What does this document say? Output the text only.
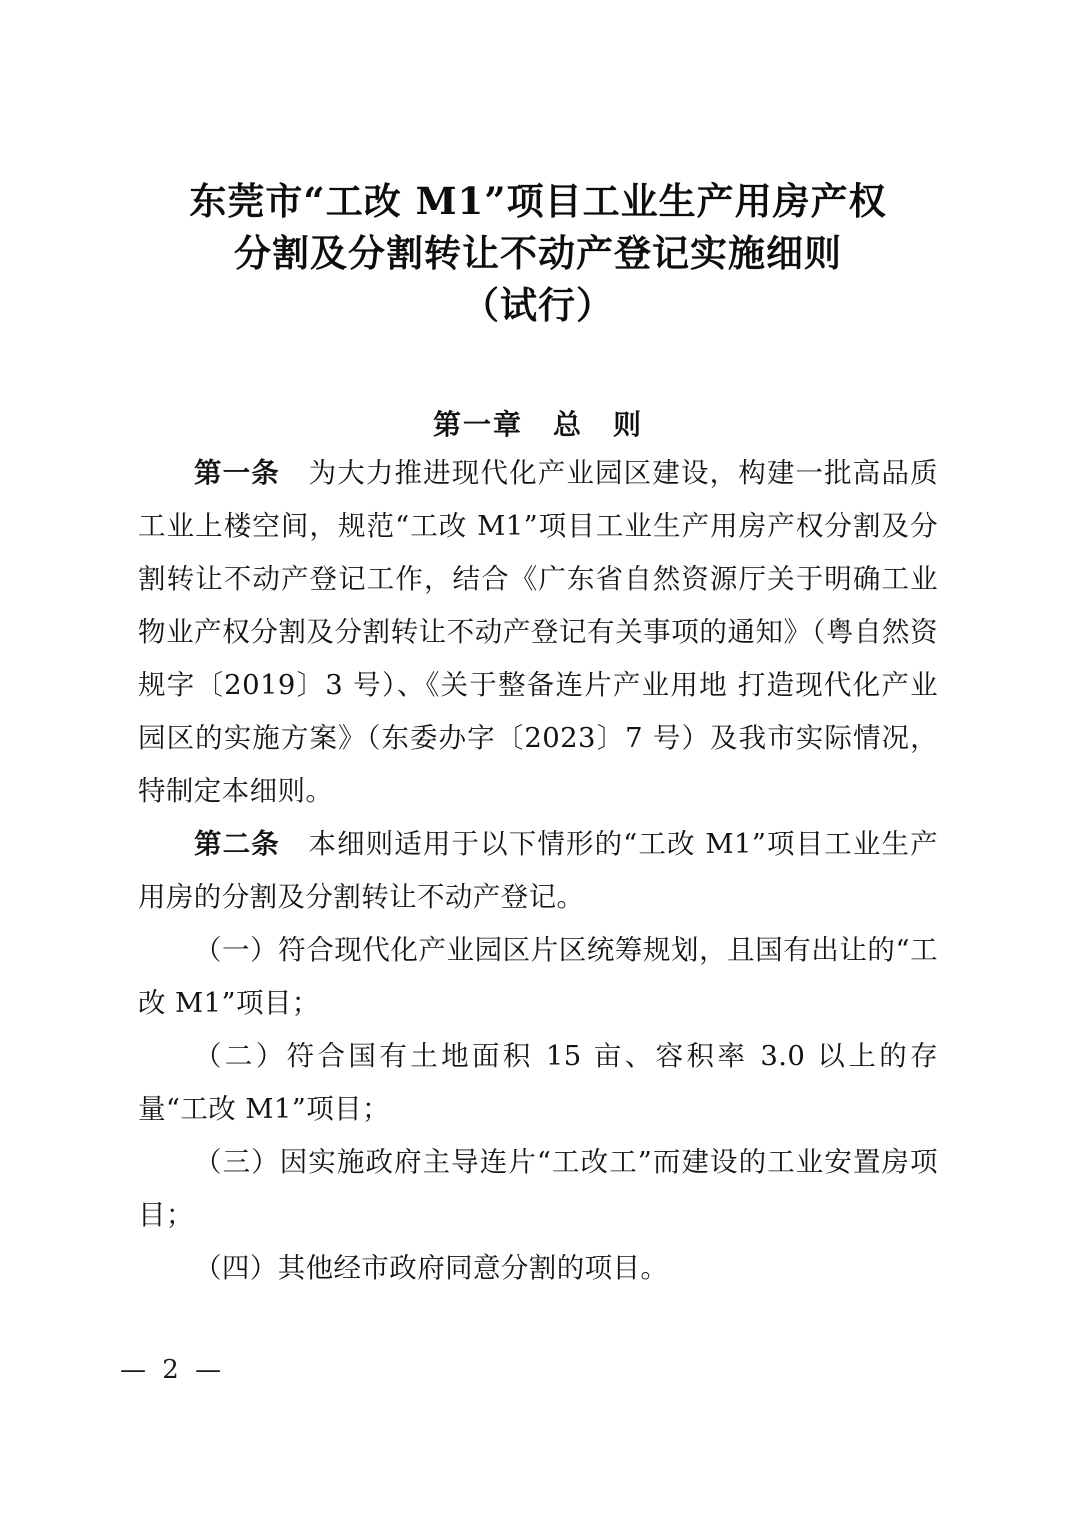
东莞市“工改 M1”项目工业生产用房产权
分割及分割转让不动产登记实施细则
（试行）
第一章　总　则

第一条　为大力推进现代化产业园区建设，构建一批高品质工业上楼空间，规范“工改 M1”项目工业生产用房产权分割及分割转让不动产登记工作，结合《广东省自然资源厅关于明确工业物业产权分割及分割转让不动产登记有关事项的通知》（粤自然资规字〔2019〕3 号）、《关于整备连片产业用地 打造现代化产业园区的实施方案》（东委办字〔2023〕7 号）及我市实际情况，特制定本细则。

第二条　本细则适用于以下情形的“工改 M1”项目工业生产用房的分割及分割转让不动产登记。

（一）符合现代化产业园区片区统筹规划，且国有出让的“工改 M1”项目；

（二）符合国有土地面积 15 亩、容积率 3.0 以上的存量“工改 M1”项目；

（三）因实施政府主导连片“工改工”而建设的工业安置房项目；

（四）其他经市政府同意分割的项目。

— 2 —
